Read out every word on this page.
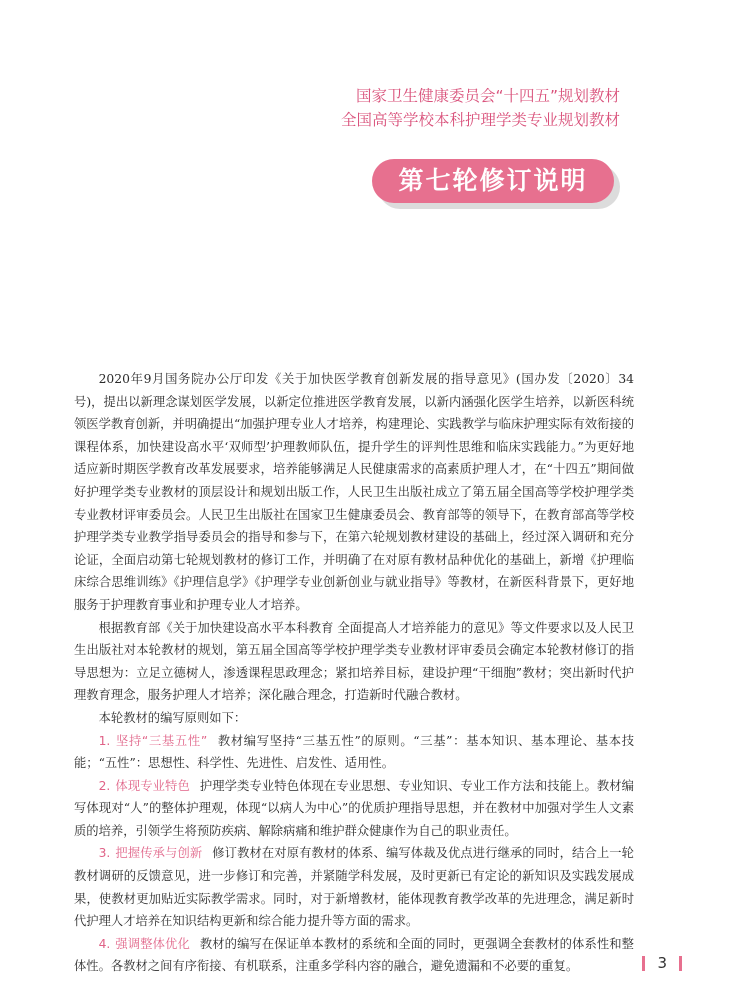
国家卫生健康委员会“十四五”规划教材
全国高等学校本科护理学类专业规划教材
第七轮修订说明

2020年9月国务院办公厅印发《关于加快医学教育创新发展的指导意见》(国办发〔2020〕34号)，提出以新理念谋划医学发展，以新定位推进医学教育发展，以新内涵强化医学生培养，以新医科统领医学教育创新，并明确提出“加强护理专业人才培养，构建理论、实践教学与临床护理实际有效衔接的课程体系，加快建设高水平‘双师型’护理教师队伍，提升学生的评判性思维和临床实践能力。”为更好地适应新时期医学教育改革发展要求，培养能够满足人民健康需求的高素质护理人才，在“十四五”期间做好护理学类专业教材的顶层设计和规划出版工作，人民卫生出版社成立了第五届全国高等学校护理学类专业教材评审委员会。人民卫生出版社在国家卫生健康委员会、教育部等的领导下，在教育部高等学校护理学类专业教学指导委员会的指导和参与下，在第六轮规划教材建设的基础上，经过深入调研和充分论证，全面启动第七轮规划教材的修订工作，并明确了在对原有教材品种优化的基础上，新增《护理临床综合思维训练》《护理信息学》《护理学专业创新创业与就业指导》等教材，在新医科背景下，更好地服务于护理教育事业和护理专业人才培养。

根据教育部《关于加快建设高水平本科教育 全面提高人才培养能力的意见》等文件要求以及人民卫生出版社对本轮教材的规划，第五届全国高等学校护理学类专业教材评审委员会确定本轮教材修订的指导思想为：立足立德树人，渗透课程思政理念；紧扣培养目标，建设护理“干细胞”教材；突出新时代护理教育理念，服务护理人才培养；深化融合理念，打造新时代融合教材。

本轮教材的编写原则如下：

1. 坚持“三基五性” 教材编写坚持“三基五性”的原则。“三基”：基本知识、基本理论、基本技能；“五性”：思想性、科学性、先进性、启发性、适用性。

2. 体现专业特色 护理学类专业特色体现在专业思想、专业知识、专业工作方法和技能上。教材编写体现对“人”的整体护理观，体现“以病人为中心”的优质护理指导思想，并在教材中加强对学生人文素质的培养，引领学生将预防疾病、解除病痛和维护群众健康作为自己的职业责任。

3. 把握传承与创新 修订教材在对原有教材的体系、编写体裁及优点进行继承的同时，结合上一轮教材调研的反馈意见，进一步修订和完善，并紧随学科发展，及时更新已有定论的新知识及实践发展成果，使教材更加贴近实际教学需求。同时，对于新增教材，能体现教育教学改革的先进理念，满足新时代护理人才培养在知识结构更新和综合能力提升等方面的需求。

4. 强调整体优化 教材的编写在保证单本教材的系统和全面的同时，更强调全套教材的体系性和整体性。各教材之间有序衔接、有机联系，注重多学科内容的融合，避免遗漏和不必要的重复。	3
